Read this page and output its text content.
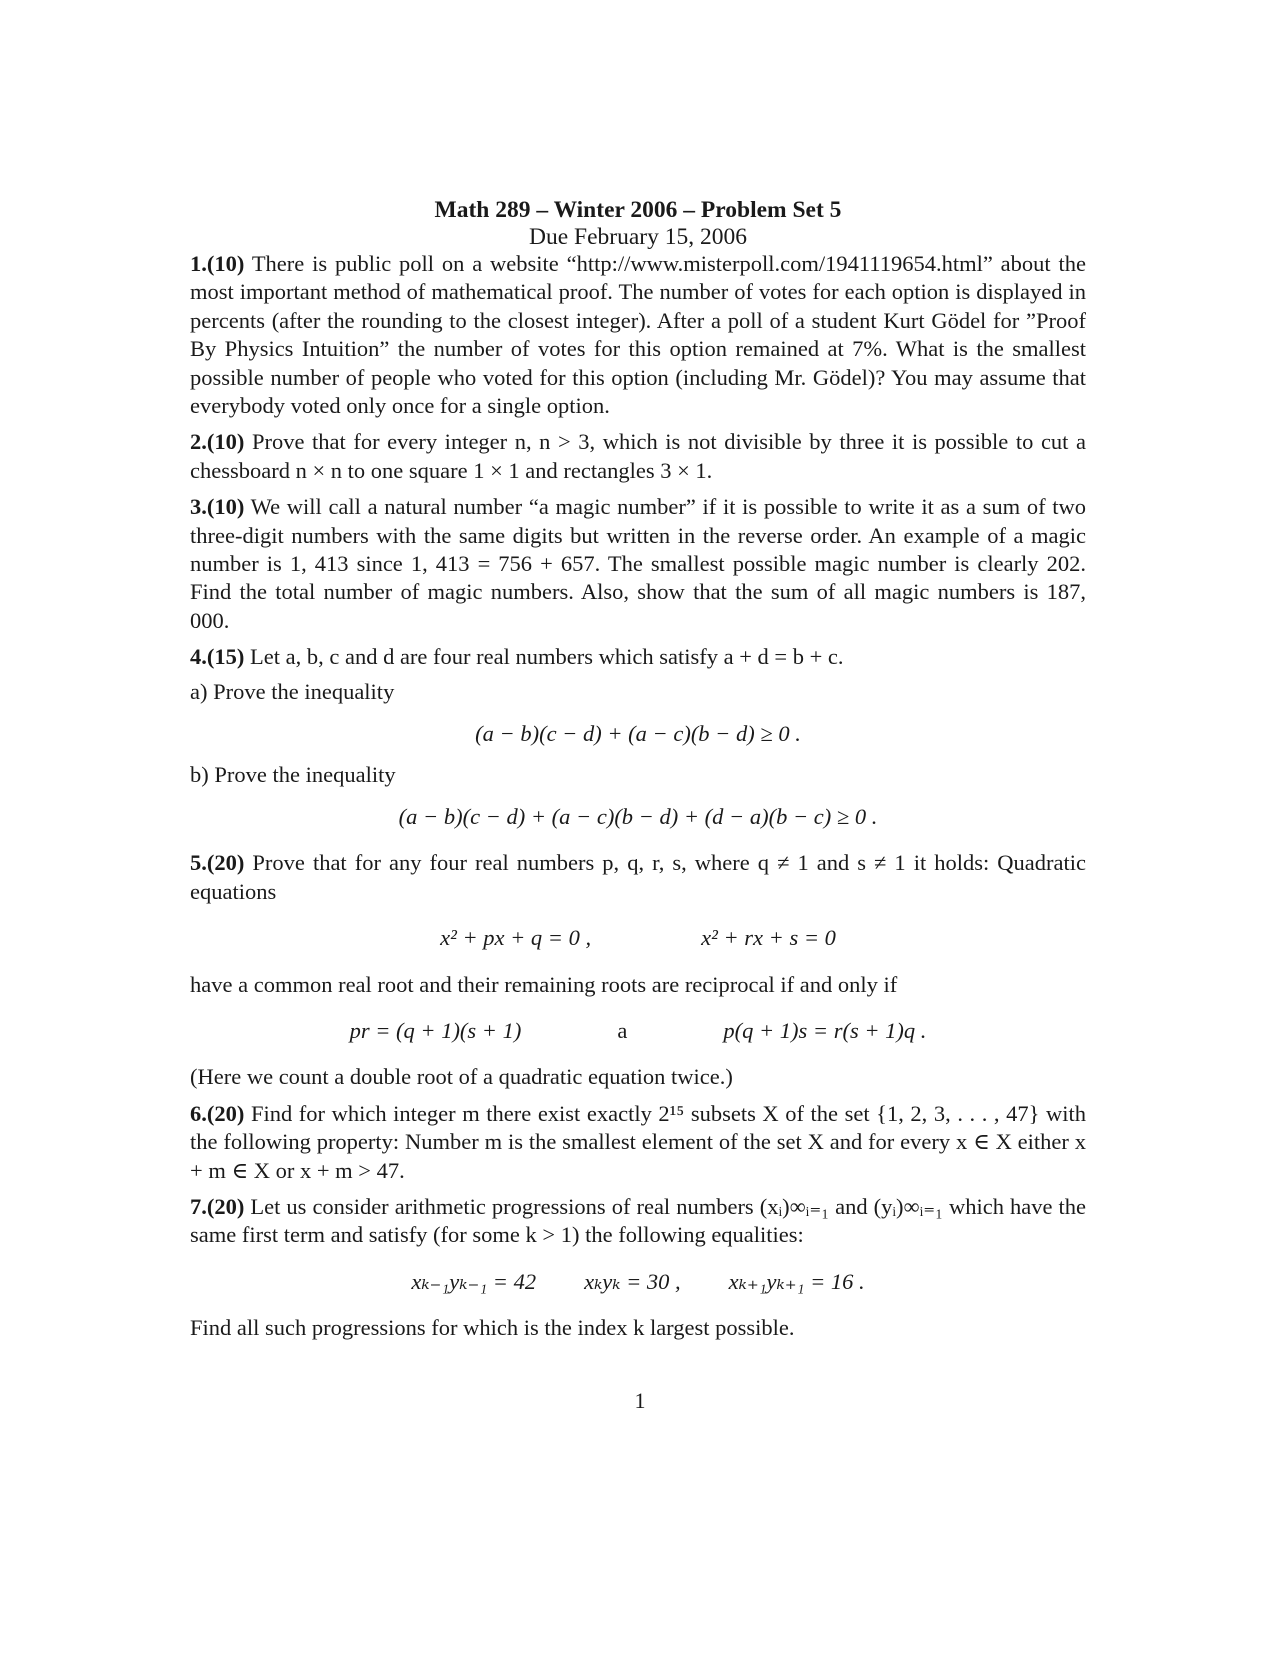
Math 289 – Winter 2006 – Problem Set 5
Due February 15, 2006
1.(10) There is public poll on a website “http://www.misterpoll.com/1941119654.html” about the most important method of mathematical proof. The number of votes for each option is displayed in percents (after the rounding to the closest integer). After a poll of a student Kurt Gödel for ”Proof By Physics Intuition” the number of votes for this option remained at 7%. What is the smallest possible number of people who voted for this option (including Mr. Gödel)? You may assume that everybody voted only once for a single option.
2.(10) Prove that for every integer n, n > 3, which is not divisible by three it is possible to cut a chessboard n × n to one square 1 × 1 and rectangles 3 × 1.
3.(10) We will call a natural number “a magic number” if it is possible to write it as a sum of two three-digit numbers with the same digits but written in the reverse order. An example of a magic number is 1, 413 since 1, 413 = 756 + 657. The smallest possible magic number is clearly 202. Find the total number of magic numbers. Also, show that the sum of all magic numbers is 187, 000.
4.(15) Let a, b, c and d are four real numbers which satisfy a + d = b + c.
a) Prove the inequality
(a − b)(c − d) + (a − c)(b − d) ≥ 0 .
b) Prove the inequality
(a − b)(c − d) + (a − c)(b − d) + (d − a)(b − c) ≥ 0 .
5.(20) Prove that for any four real numbers p, q, r, s, where q ≠ 1 and s ≠ 1 it holds: Quadratic equations
x² + px + q = 0 ,	x² + rx + s = 0
have a common real root and their remaining roots are reciprocal if and only if
pr = (q + 1)(s + 1)	a	p(q + 1)s = r(s + 1)q .
(Here we count a double root of a quadratic equation twice.)
6.(20) Find for which integer m there exist exactly 2¹⁵ subsets X of the set {1, 2, 3, . . . , 47} with the following property: Number m is the smallest element of the set X and for every x ∈ X either x + m ∈ X or x + m > 47.
7.(20) Let us consider arithmetic progressions of real numbers (xᵢ)∞ᵢ₌₁ and (yᵢ)∞ᵢ₌₁ which have the same first term and satisfy (for some k > 1) the following equalities:
xₖ₋₁yₖ₋₁ = 42 xₖyₖ = 30 , xₖ₊₁yₖ₊₁ = 16 .
Find all such progressions for which is the index k largest possible.
1
